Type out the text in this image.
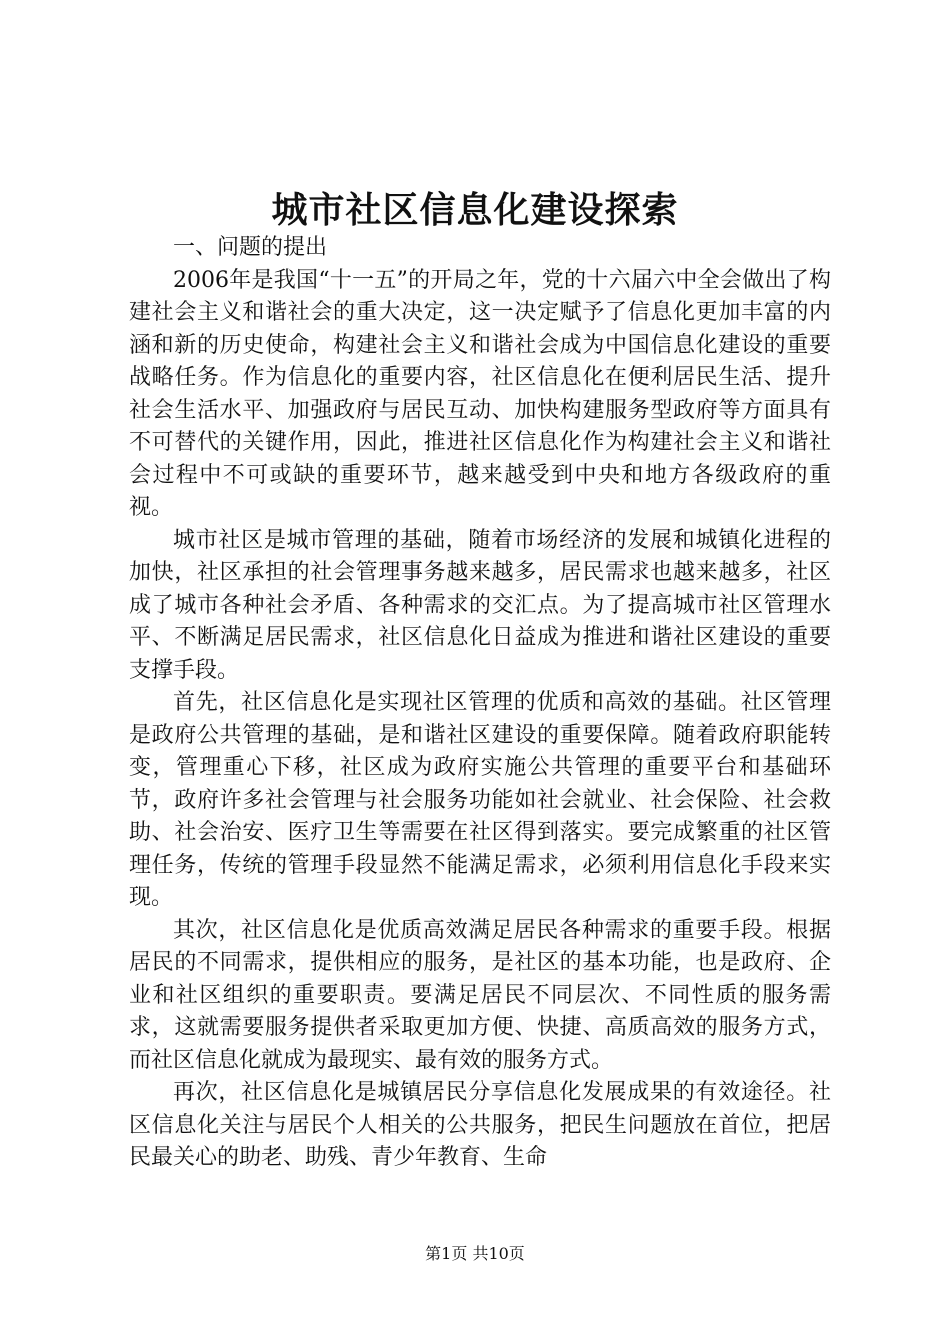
城市社区信息化建设探索

一、问题的提出

2006年是我国“十一五”的开局之年，党的十六届六中全会做出了构建社会主义和谐社会的重大决定，这一决定赋予了信息化更加丰富的内涵和新的历史使命，构建社会主义和谐社会成为中国信息化建设的重要战略任务。作为信息化的重要内容，社区信息化在便利居民生活、提升社会生活水平、加强政府与居民互动、加快构建服务型政府等方面具有不可替代的关键作用，因此，推进社区信息化作为构建社会主义和谐社会过程中不可或缺的重要环节，越来越受到中央和地方各级政府的重视。

城市社区是城市管理的基础，随着市场经济的发展和城镇化进程的加快，社区承担的社会管理事务越来越多，居民需求也越来越多，社区成了城市各种社会矛盾、各种需求的交汇点。为了提高城市社区管理水平、不断满足居民需求，社区信息化日益成为推进和谐社区建设的重要支撑手段。

首先，社区信息化是实现社区管理的优质和高效的基础。社区管理是政府公共管理的基础，是和谐社区建设的重要保障。随着政府职能转变，管理重心下移，社区成为政府实施公共管理的重要平台和基础环节，政府许多社会管理与社会服务功能如社会就业、社会保险、社会救助、社会治安、医疗卫生等需要在社区得到落实。要完成繁重的社区管理任务，传统的管理手段显然不能满足需求，必须利用信息化手段来实现。

其次，社区信息化是优质高效满足居民各种需求的重要手段。根据居民的不同需求，提供相应的服务，是社区的基本功能，也是政府、企业和社区组织的重要职责。要满足居民不同层次、不同性质的服务需求，这就需要服务提供者采取更加方便、快捷、高质高效的服务方式，而社区信息化就成为最现实、最有效的服务方式。

再次，社区信息化是城镇居民分享信息化发展成果的有效途径。社区信息化关注与居民个人相关的公共服务，把民生问题放在首位，把居民最关心的助老、助残、青少年教育、生命

第1页 共10页
